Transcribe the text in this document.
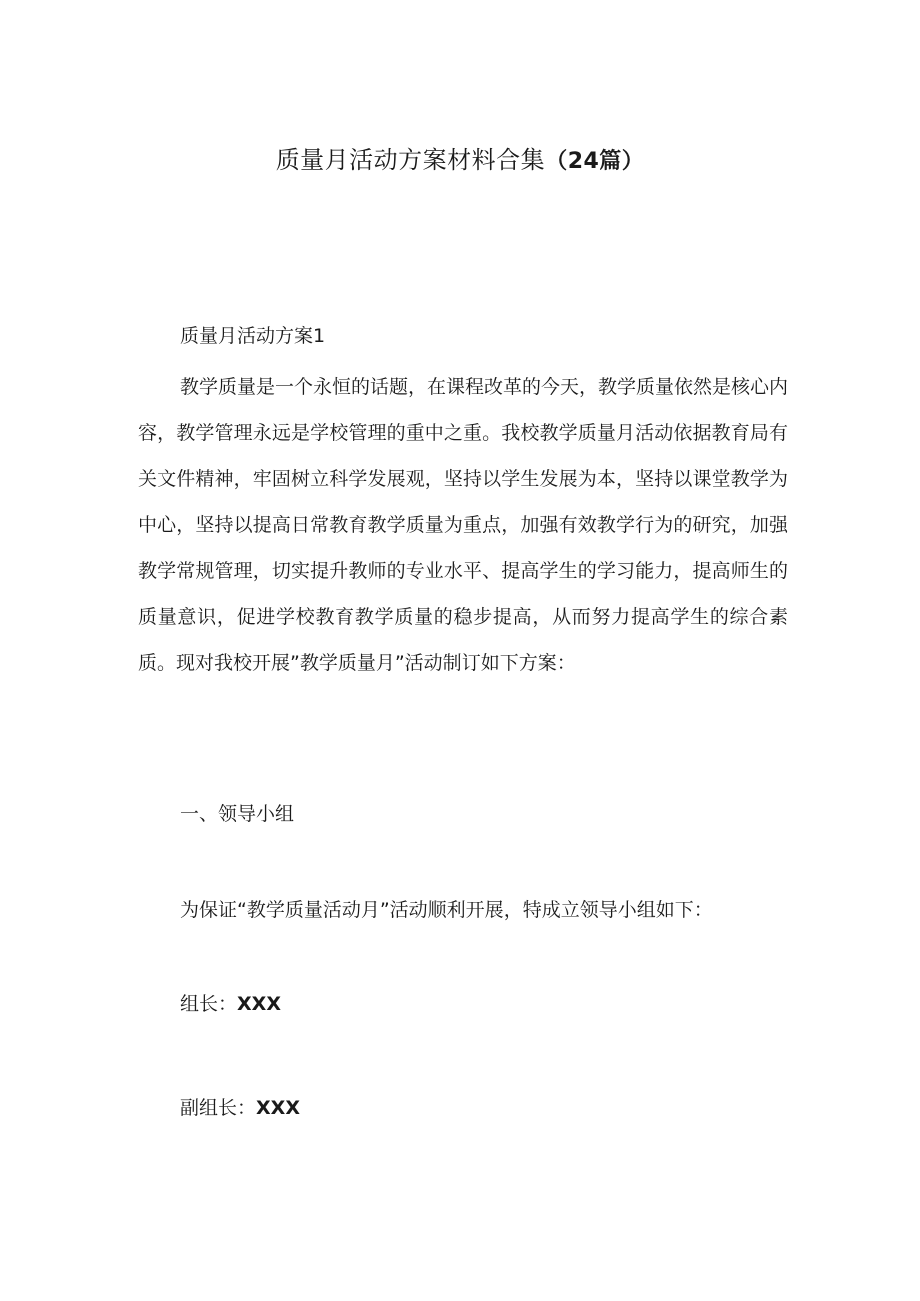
质量月活动方案材料合集（24篇）
质量月活动方案1

教学质量是一个永恒的话题，在课程改革的今天，教学质量依然是核心内容，教学管理永远是学校管理的重中之重。我校教学质量月活动依据教育局有关文件精神，牢固树立科学发展观，坚持以学生发展为本，坚持以课堂教学为中心，坚持以提高日常教育教学质量为重点，加强有效教学行为的研究，加强教学常规管理，切实提升教师的专业水平、提高学生的学习能力，提高师生的质量意识，促进学校教育教学质量的稳步提高，从而努力提高学生的综合素质。现对我校开展”教学质量月”活动制订如下方案：

一、领导小组

为保证“教学质量活动月”活动顺利开展，特成立领导小组如下：

组长：XXX

副组长：XXX
